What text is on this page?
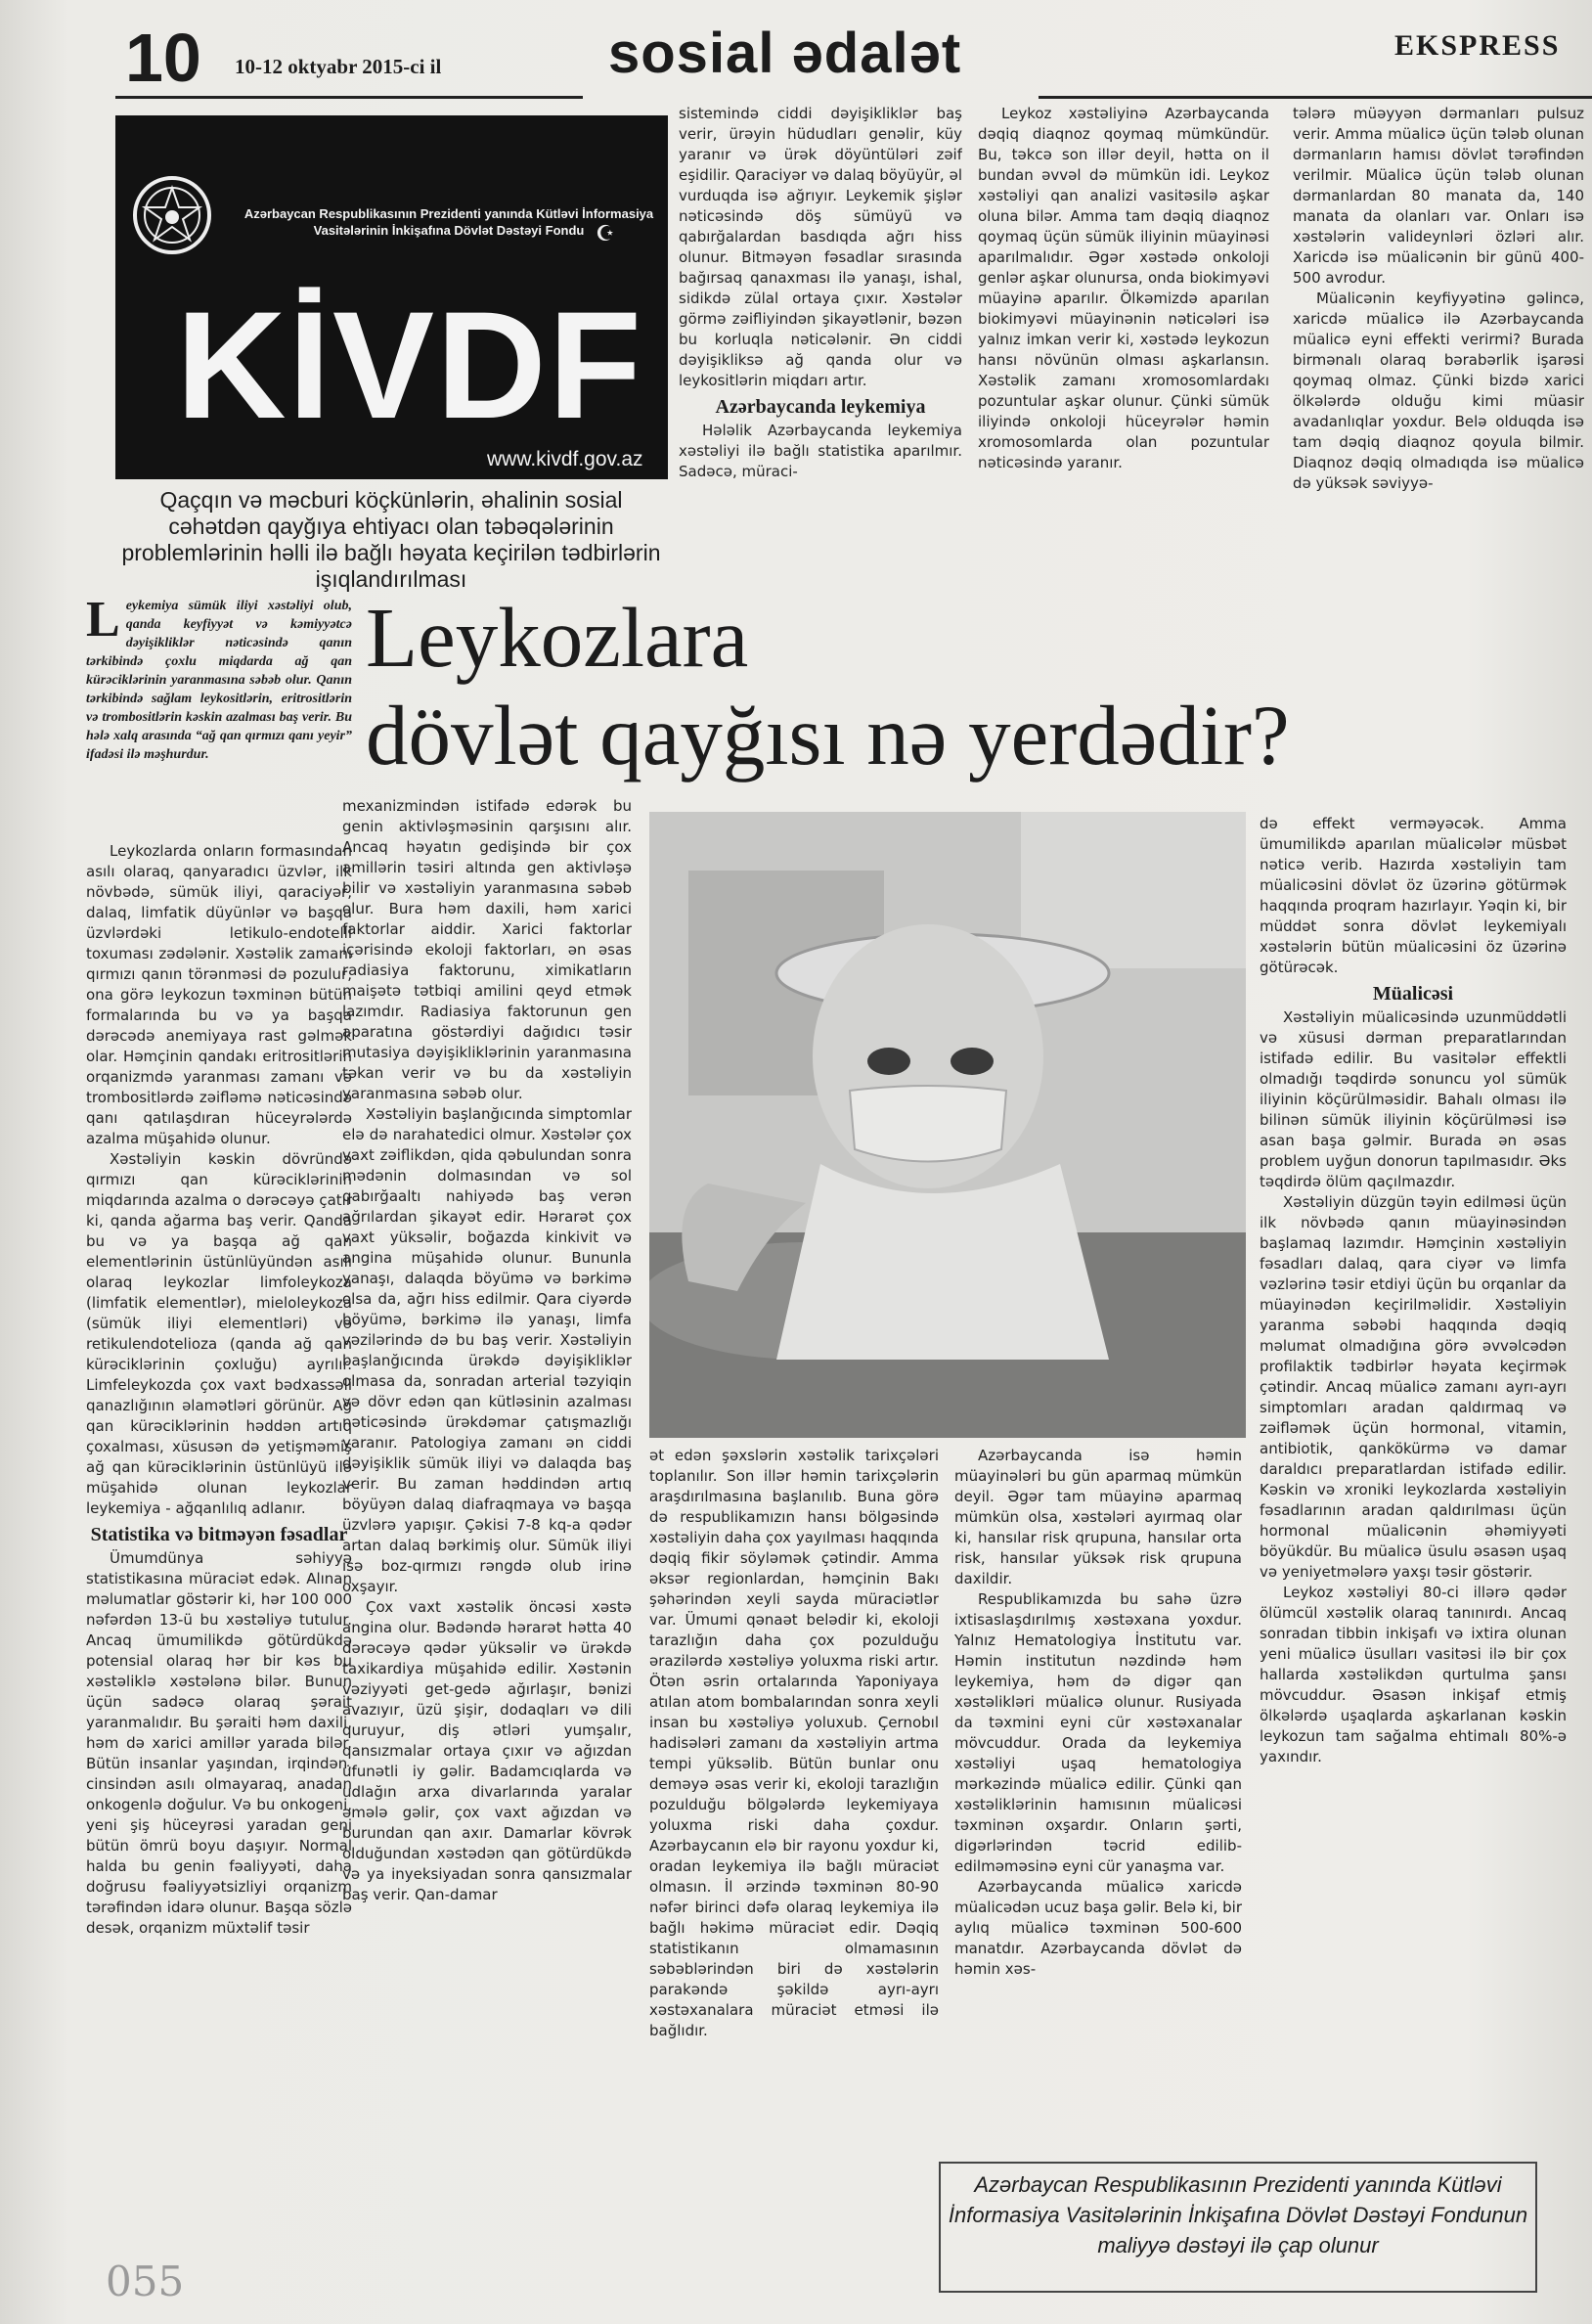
10 10-12 oktyabr 2015-ci il	sosial ədalət	EKSPRESS
Azərbaycan Respublikasının Prezidenti yanında Kütləvi İnformasiya Vasitələrinin İnkişafına Dövlət Dəstəyi Fondu ☪
KİVDF
www.kivdf.gov.az
Qaçqın və məcburi köçkünlərin, əhalinin sosial cəhətdən qayğıya ehtiyacı olan təbəqələrinin problemlərinin həlli ilə bağlı həyata keçirilən tədbirlərin işıqlandırılması

sistemində ciddi dəyişikliklər baş verir, ürəyin hüdudları genəlir, küy yaranır və ürək döyüntüləri zəif eşidilir. Qaraciyər və dalaq böyüyür, əl vurduqda isə ağrıyır. Leykemik şişlər nəticəsində döş sümüyü və qabırğalardan basdıqda ağrı hiss olunur. Bitməyən fəsadlar sırasında bağırsaq qanaxması ilə yanaşı, ishal, sidikdə zülal ortaya çıxır. Xəstələr görmə zəifliyindən şikayətlənir, bəzən bu korluqla nəticələnir. Ən ciddi dəyişikliksə ağ qanda olur və leykositlərin miqdarı artır.

Azərbaycanda leykemiya

Hələlik Azərbaycanda leykemiya xəstəliyi ilə bağlı statistika aparılmır. Sadəcə, müraci-

Leykoz xəstəliyinə Azərbaycanda dəqiq diaqnoz qoymaq mümkündür. Bu, təkcə son illər deyil, hətta on il bundan əvvəl də mümkün idi. Leykoz xəstəliyi qan analizi vasitəsilə aşkar oluna bilər. Amma tam dəqiq diaqnoz qoymaq üçün sümük iliyinin müayinəsi aparılmalıdır. Əgər xəstədə onkoloji genlər aşkar olunursa, onda biokimyəvi müayinə aparılır. Ölkəmizdə aparılan biokimyəvi müayinənin nəticələri isə yalnız imkan verir ki, xəstədə leykozun hansı növünün olması aşkarlansın. Xəstəlik zamanı xromosomlardakı pozuntular aşkar olunur. Çünki sümük iliyində onkoloji hüceyrələr həmin xromosomlarda olan pozuntular nəticəsində yaranır.

tələrə müəyyən dərmanları pulsuz verir. Amma müalicə üçün tələb olunan dərmanların hamısı dövlət tərəfindən verilmir. Müalicə üçün tələb olunan dərmanlardan 80 manata da, 140 manata da olanları var. Onları isə xəstələrin valideynləri özləri alır. Xaricdə isə müalicənin bir günü 400-500 avrodur.

Müalicənin keyfiyyətinə gəlincə, xaricdə müalicə ilə Azərbaycanda müalicə eyni effekti verirmi? Burada birmənalı olaraq bərabərlik işarəsi qoymaq olmaz. Çünki bizdə xarici ölkələrdə olduğu kimi müasir avadanlıqlar yoxdur. Belə olduqda isə tam dəqiq diaqnoz qoyula bilmir. Diaqnoz dəqiq olmadıqda isə müalicə də yüksək səviyyə-

Leykemiya sümük iliyi xəstəliyi olub, qanda keyfiyyət və kəmiyyətcə dəyişikliklər nəticəsində qanın tərkibində çoxlu miqdarda ağ qan kürəciklərinin yaranmasına səbəb olur. Qanın tərkibində sağlam leykositlərin, eritrositlərin və trombositlərin kəskin azalması baş verir. Bu hələ xalq arasında “ağ qan qırmızı qanı yeyir” ifadəsi ilə məşhurdur.
Leykozlara
dövlət qayğısı nə yerdədir?

Leykozlarda onların formasından asılı olaraq, qanyaradıcı üzvlər, ilk növbədə, sümük iliyi, qaraciyər, dalaq, limfatik düyünlər və başqa üzvlərdəki letikulo-endotelli toxuması zədələnir. Xəstəlik zamanı qırmızı qanın törənməsi də pozulur, ona görə leykozun təxminən bütün formalarında bu və ya başqa dərəcədə anemiyaya rast gəlmək olar. Həmçinin qandakı eritrositlərin orqanizmdə yaranması zamanı və trombositlərdə zəifləmə nəticəsində qanı qatılaşdıran hüceyrələrdə azalma müşahidə olunur.

Xəstəliyin kəskin dövründə qırmızı qan kürəciklərinin miqdarında azalma o dərəcəyə çatır ki, qanda ağarma baş verir. Qanda bu və ya başqa ağ qan elementlərinin üstünlüyündən asılı olaraq leykozlar limfoleykoza (limfatik elementlər), mieloleykoza (sümük iliyi elementləri) və retikulendotelioza (qanda ağ qan kürəciklərinin çoxluğu) ayrılır. Limfeleykozda çox vaxt bədxassəli qanazlığının əlamətləri görünür. Ağ qan kürəciklərinin həddən artıq çoxalması, xüsusən də yetişməmiş ağ qan kürəciklərinin üstünlüyü ilə müşahidə olunan leykozlar leykemiya - ağqanlılıq adlanır.

Statistika və bitməyən fəsadlar

Ümumdünya səhiyyə statistikasına müraciət edək. Alınan məlumatlar göstərir ki, hər 100 000 nəfərdən 13-ü bu xəstəliyə tutulur. Ancaq ümumilikdə götürdükdə potensial olaraq hər bir kəs bu xəstəliklə xəstələnə bilər. Bunun üçün sadəcə olaraq şərait yaranmalıdır. Bu şəraiti həm daxili, həm də xarici amillər yarada bilər. Bütün insanlar yaşından, irqindən, cinsindən asılı olmayaraq, anadan onkogenlə doğulur. Və bu onkogeni, yeni şiş hüceyrəsi yaradan geni bütün ömrü boyu daşıyır. Normal halda bu genin fəaliyyəti, daha doğrusu fəaliyyətsizliyi orqanizm tərəfindən idarə olunur. Başqa sözlə desək, orqanizm müxtəlif təsir

mexanizmindən istifadə edərək bu genin aktivləşməsinin qarşısını alır. Ancaq həyatın gedişində bir çox amillərin təsiri altında gen aktivləşə bilir və xəstəliyin yaranmasına səbəb olur. Bura həm daxili, həm xarici faktorlar aiddir. Xarici faktorlar içərisində ekoloji faktorları, ən əsas radiasiya faktorunu, ximikatların maişətə tətbiqi amilini qeyd etmək lazımdır. Radiasiya faktorunun gen aparatına göstərdiyi dağıdıcı təsir mutasiya dəyişikliklərinin yaranmasına təkan verir və bu da xəstəliyin yaranmasına səbəb olur.

Xəstəliyin başlanğıcında simptomlar elə də narahatedici olmur. Xəstələr çox vaxt zəiflikdən, qida qəbulundan sonra mədənin dolmasından və sol qabırğaaltı nahiyədə baş verən ağrılardan şikayət edir. Hərarət çox vaxt yüksəlir, boğazda kinkivit və angina müşahidə olunur. Bununla yanaşı, dalaqda böyümə və bərkimə olsa da, ağrı hiss edilmir. Qara ciyərdə böyümə, bərkimə ilə yanaşı, limfa vəzilərində də bu baş verir. Xəstəliyin başlanğıcında ürəkdə dəyişikliklər olmasa da, sonradan arterial təzyiqin və dövr edən qan kütləsinin azalması nəticəsində ürəkdəmar çatışmazlığı yaranır. Patologiya zamanı ən ciddi dəyişiklik sümük iliyi və dalaqda baş verir. Bu zaman həddindən artıq böyüyən dalaq diafraqmaya və başqa üzvlərə yapışır. Çəkisi 7-8 kq-a qədər artan dalaq bərkimiş olur. Sümük iliyi isə boz-qırmızı rəngdə olub irinə oxşayır.

Çox vaxt xəstəlik öncəsi xəstə angina olur. Bədəndə hərarət hətta 40 dərəcəyə qədər yüksəlir və ürəkdə taxikardiya müşahidə edilir. Xəstənin vəziyyəti get-gedə ağırlaşır, bənizi avazıyır, üzü şişir, dodaqları və dili quruyur, diş ətləri yumşalır, qansızmalar ortaya çıxır və ağızdan üfunətli iy gəlir. Badamcıqlarda və udlağın arxa divarlarında yaralar əmələ gəlir, çox vaxt ağızdan və burundan qan axır. Damarlar kövrək olduğundan xəstədən qan götürdükdə və ya inyeksiyadan sonra qansızmalar baş verir. Qan-damar

ət edən şəxslərin xəstəlik tarixçələri toplanılır. Son illər həmin tarixçələrin araşdırılmasına başlanılıb. Buna görə də respublikamızın hansı bölgəsində xəstəliyin daha çox yayılması haqqında dəqiq fikir söyləmək çətindir. Amma əksər regionlardan, həmçinin Bakı şəhərindən xeyli sayda müraciətlər var. Ümumi qənaət belədir ki, ekoloji tarazlığın daha çox pozulduğu ərazilərdə xəstəliyə yoluxma riski artır. Ötən əsrin ortalarında Yaponiyaya atılan atom bombalarından sonra xeyli insan bu xəstəliyə yoluxub. Çernobıl hadisələri zamanı da xəstəliyin artma tempi yüksəlib. Bütün bunlar onu deməyə əsas verir ki, ekoloji tarazlığın pozulduğu bölgələrdə leykemiyaya yoluxma riski daha çoxdur. Azərbaycanın elə bir rayonu yoxdur ki, oradan leykemiya ilə bağlı müraciət olmasın. İl ərzində təxminən 80-90 nəfər birinci dəfə olaraq leykemiya ilə bağlı həkimə müraciət edir. Dəqiq statistikanın olmamasının səbəblərindən biri də xəstələrin parakəndə şəkildə ayrı-ayrı xəstəxanalara müraciət etməsi ilə bağlıdır.

Azərbaycanda isə həmin müayinələri bu gün aparmaq mümkün deyil. Əgər tam müayinə aparmaq mümkün olsa, xəstələri ayırmaq olar ki, hansılar risk qrupuna, hansılar orta risk, hansılar yüksək risk qrupuna daxildir.

Respublikamızda bu sahə üzrə ixtisaslaşdırılmış xəstəxana yoxdur. Yalnız Hematologiya İnstitutu var. Həmin institutun nəzdində həm leykemiya, həm də digər qan xəstəlikləri müalicə olunur. Rusiyada da təxmini eyni cür xəstəxanalar mövcuddur. Orada da leykemiya xəstəliyi uşaq hematologiya mərkəzində müalicə edilir. Çünki qan xəstəliklərinin hamısının müalicəsi təxminən oxşardır. Onların şərti, digərlərindən təcrid edilib-edilməməsinə eyni cür yanaşma var.

Azərbaycanda müalicə xaricdə müalicədən ucuz başa gəlir. Belə ki, bir aylıq müalicə təxminən 500-600 manatdır. Azərbaycanda dövlət də həmin xəs-

də effekt verməyəcək. Amma ümumilikdə aparılan müalicələr müsbət nəticə verib. Hazırda xəstəliyin tam müalicəsini dövlət öz üzərinə götürmək haqqında proqram hazırlayır. Yəqin ki, bir müddət sonra dövlət leykemiyalı xəstələrin bütün müalicəsini öz üzərinə götürəcək.

Müalicəsi

Xəstəliyin müalicəsində uzunmüddətli və xüsusi dərman preparatlarından istifadə edilir. Bu vasitələr effektli olmadığı təqdirdə sonuncu yol sümük iliyinin köçürülməsidir. Bahalı olması ilə bilinən sümük iliyinin köçürülməsi isə asan başa gəlmir. Burada ən əsas problem uyğun donorun tapılmasıdır. Əks təqdirdə ölüm qaçılmazdır.

Xəstəliyin düzgün təyin edilməsi üçün ilk növbədə qanın müayinəsindən başlamaq lazımdır. Həmçinin xəstəliyin fəsadları dalaq, qara ciyər və limfa vəzlərinə təsir etdiyi üçün bu orqanlar da müayinədən keçirilməlidir. Xəstəliyin yaranma səbəbi haqqında dəqiq məlumat olmadığına görə əvvəlcədən profilaktik tədbirlər həyata keçirmək çətindir. Ancaq müalicə zamanı ayrı-ayrı simptomları aradan qaldırmaq və zəifləmək üçün hormonal, vitamin, antibiotik, qankökürmə və damar daraldıcı preparatlardan istifadə edilir. Kəskin və xroniki leykozlarda xəstəliyin fəsadlarının aradan qaldırılması üçün hormonal müalicənin əhəmiyyəti böyükdür. Bu müalicə üsulu əsasən uşaq və yeniyetmələrə yaxşı təsir göstərir.

Leykoz xəstəliyi 80-ci illərə qədər ölümcül xəstəlik olaraq tanınırdı. Ancaq sonradan tibbin inkişafı və ixtira olunan yeni müalicə üsulları vasitəsi ilə bir çox hallarda xəstəlikdən qurtulma şansı mövcuddur. Əsasən inkişaf etmiş ölkələrdə uşaqlarda aşkarlanan kəskin leykozun tam sağalma ehtimalı 80%-ə yaxındır.

Azərbaycan Respublikasının Prezidenti yanında Kütləvi İnformasiya Vasitələrinin İnkişafına Dövlət Dəstəyi Fondunun maliyyə dəstəyi ilə çap olunur
055
